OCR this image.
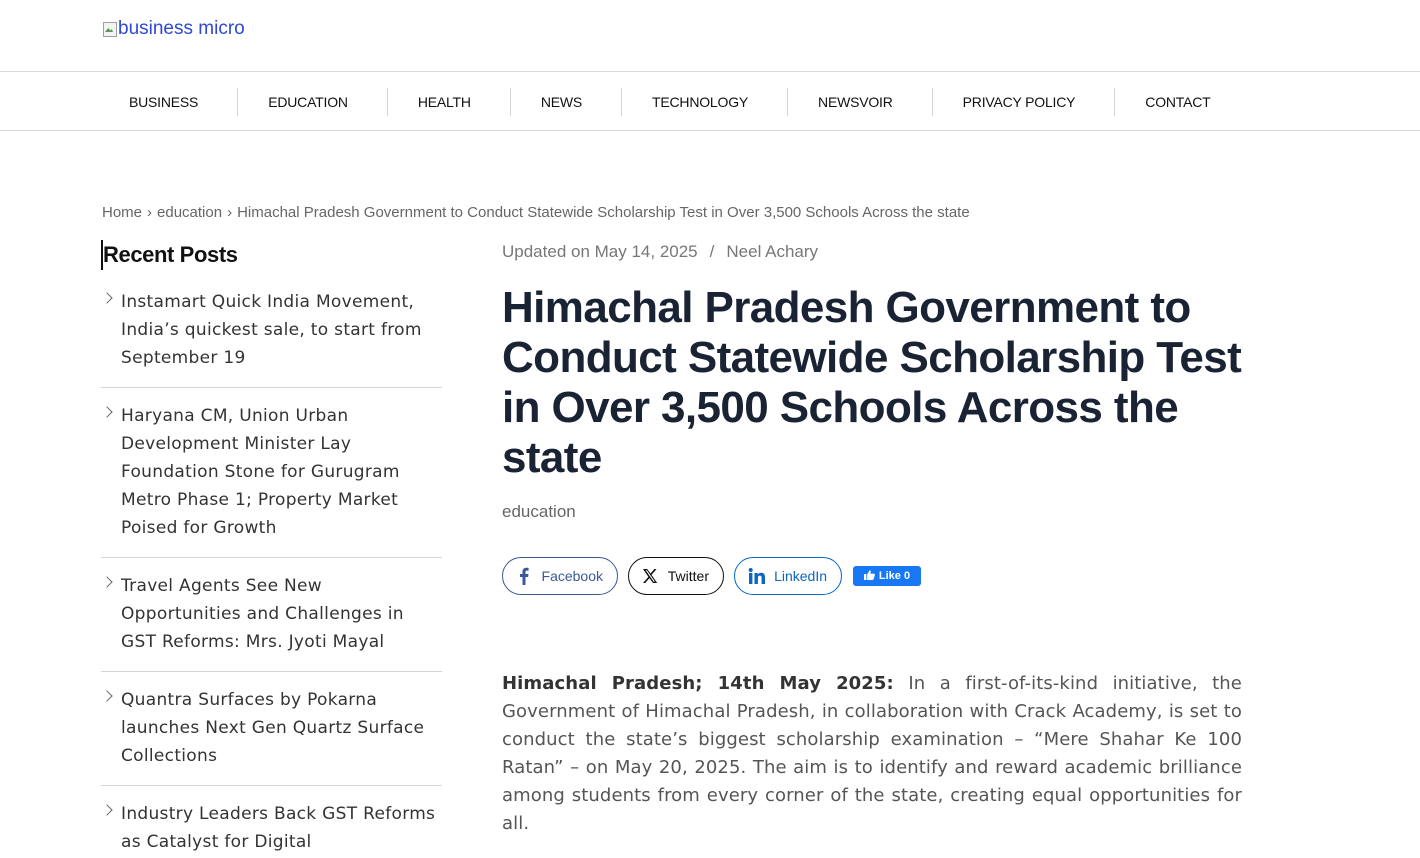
business micro
BUSINESS	EDUCATION	HEALTH	NEWS	TECHNOLOGY	NEWSVOIR	PRIVACY POLICY	CONTACT
Home › education › Himachal Pradesh Government to Conduct Statewide Scholarship Test in Over 3,500 Schools Across the state
Recent Posts
Instamart Quick India Movement, India’s quickest sale, to start from September 19
Haryana CM, Union Urban Development Minister Lay Foundation Stone for Gurugram Metro Phase 1; Property Market Poised for Growth
Travel Agents See New Opportunities and Challenges in GST Reforms: Mrs. Jyoti Mayal
Quantra Surfaces by Pokarna launches Next Gen Quartz Surface Collections
Industry Leaders Back GST Reforms as Catalyst for Digital
Updated on May 14, 2025 / Neel Achary
Himachal Pradesh Government to Conduct Statewide Scholarship Test in Over 3,500 Schools Across the state
education
Facebook	Twitter	LinkedIn	Like 0

Himachal Pradesh; 14th May 2025: In a first-of-its-kind initiative, the Government of Himachal Pradesh, in collaboration with Crack Academy, is set to conduct the state’s biggest scholarship examination – “Mere Shahar Ke 100 Ratan” – on May 20, 2025. The aim is to identify and reward academic brilliance among students from every corner of the state, creating equal opportunities for all.
